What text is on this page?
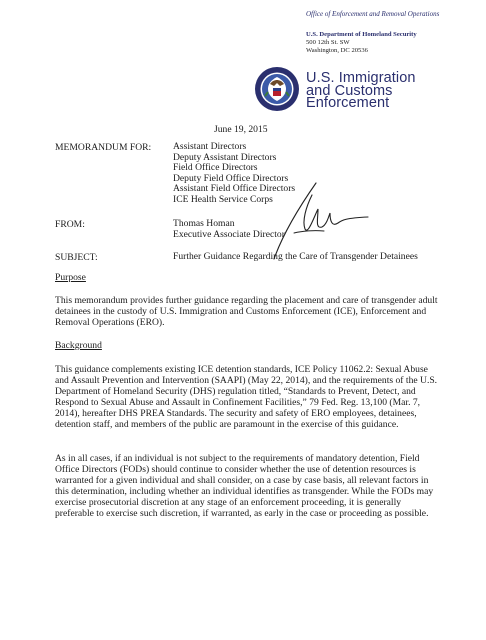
Office of Enforcement and Removal Operations
U.S. Department of Homeland Security
500 12th St. SW
Washington, DC 20536
U.S. Immigration
and Customs
Enforcement
June 19, 2015
MEMORANDUM FOR: Assistant Directors
Deputy Assistant Directors
Field Office Directors
Deputy Field Office Directors
Assistant Field Office Directors
ICE Health Service Corps
FROM:	Thomas Homan
Executive Associate Director
SUBJECT:	Further Guidance Regarding the Care of Transgender Detainees
Purpose
This memorandum provides further guidance regarding the placement and care of transgender adult detainees in the custody of U.S. Immigration and Customs Enforcement (ICE), Enforcement and Removal Operations (ERO).
Background
This guidance complements existing ICE detention standards, ICE Policy 11062.2: Sexual Abuse and Assault Prevention and Intervention (SAAPI) (May 22, 2014), and the requirements of the U.S. Department of Homeland Security (DHS) regulation titled, “Standards to Prevent, Detect, and Respond to Sexual Abuse and Assault in Confinement Facilities,” 79 Fed. Reg. 13,100 (Mar. 7, 2014), hereafter DHS PREA Standards. The security and safety of ERO employees, detainees, detention staff, and members of the public are paramount in the exercise of this guidance.
As in all cases, if an individual is not subject to the requirements of mandatory detention, Field Office Directors (FODs) should continue to consider whether the use of detention resources is warranted for a given individual and shall consider, on a case by case basis, all relevant factors in this determination, including whether an individual identifies as transgender. While the FODs may exercise prosecutorial discretion at any stage of an enforcement proceeding, it is generally preferable to exercise such discretion, if warranted, as early in the case or proceeding as possible.
